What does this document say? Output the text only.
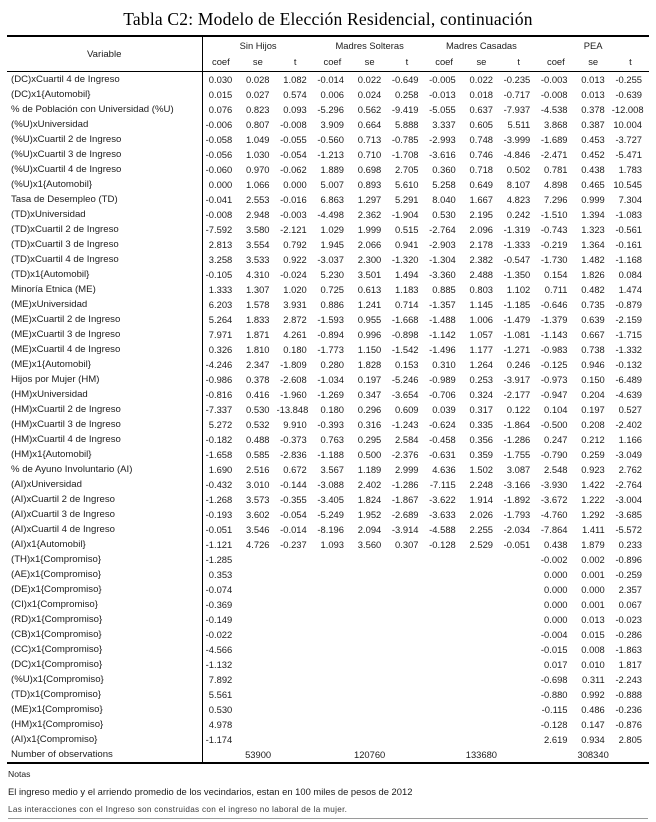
Tabla C2: Modelo de Elección Residencial, continuación
Variable	Sin Hijos			Madres Solteras			Madres Casadas			PEA		
	coef	se	t	coef	se	t	coef	se	t	coef	se	t
(DC)xCuartil 4 de Ingreso	0.030	0.028	1.082	-0.014	0.022	-0.649	-0.005	0.022	-0.235	-0.003	0.013	-0.255
(DC)x1{Automobil}	0.015	0.027	0.574	0.006	0.024	0.258	-0.013	0.018	-0.717	-0.008	0.013	-0.639
% de Población con Universidad (%U)	0.076	0.823	0.093	-5.296	0.562	-9.419	-5.055	0.637	-7.937	-4.538	0.378	-12.008
(%U)xUniversidad	-0.006	0.807	-0.008	3.909	0.664	5.888	3.337	0.605	5.511	3.868	0.387	10.004
(%U)xCuartil 2 de Ingreso	-0.058	1.049	-0.055	-0.560	0.713	-0.785	-2.993	0.748	-3.999	-1.689	0.453	-3.727
(%U)xCuartil 3 de Ingreso	-0.056	1.030	-0.054	-1.213	0.710	-1.708	-3.616	0.746	-4.846	-2.471	0.452	-5.471
(%U)xCuartil 4 de Ingreso	-0.060	0.970	-0.062	1.889	0.698	2.705	0.360	0.718	0.502	0.781	0.438	1.783
(%U)x1{Automobil}	0.000	1.066	0.000	5.007	0.893	5.610	5.258	0.649	8.107	4.898	0.465	10.545
Tasa de Desempleo (TD)	-0.041	2.553	-0.016	6.863	1.297	5.291	8.040	1.667	4.823	7.296	0.999	7.304
(TD)xUniversidad	-0.008	2.948	-0.003	-4.498	2.362	-1.904	0.530	2.195	0.242	-1.510	1.394	-1.083
(TD)xCuartil 2 de Ingreso	-7.592	3.580	-2.121	1.029	1.999	0.515	-2.764	2.096	-1.319	-0.743	1.323	-0.561
(TD)xCuartil 3 de Ingreso	2.813	3.554	0.792	1.945	2.066	0.941	-2.903	2.178	-1.333	-0.219	1.364	-0.161
(TD)xCuartil 4 de Ingreso	3.258	3.533	0.922	-3.037	2.300	-1.320	-1.304	2.382	-0.547	-1.730	1.482	-1.168
(TD)x1{Automobil}	-0.105	4.310	-0.024	5.230	3.501	1.494	-3.360	2.488	-1.350	0.154	1.826	0.084
Minoría Etnica (ME)	1.333	1.307	1.020	0.725	0.613	1.183	0.885	0.803	1.102	0.711	0.482	1.474
(ME)xUniversidad	6.203	1.578	3.931	0.886	1.241	0.714	-1.357	1.145	-1.185	-0.646	0.735	-0.879
(ME)xCuartil 2 de Ingreso	5.264	1.833	2.872	-1.593	0.955	-1.668	-1.488	1.006	-1.479	-1.379	0.639	-2.159
(ME)xCuartil 3 de Ingreso	7.971	1.871	4.261	-0.894	0.996	-0.898	-1.142	1.057	-1.081	-1.143	0.667	-1.715
(ME)xCuartil 4 de Ingreso	0.326	1.810	0.180	-1.773	1.150	-1.542	-1.496	1.177	-1.271	-0.983	0.738	-1.332
(ME)x1{Automobil}	-4.246	2.347	-1.809	0.280	1.828	0.153	0.310	1.264	0.246	-0.125	0.946	-0.132
Hijos por Mujer (HM)	-0.986	0.378	-2.608	-1.034	0.197	-5.246	-0.989	0.253	-3.917	-0.973	0.150	-6.489
(HM)xUniversidad	-0.816	0.416	-1.960	-1.269	0.347	-3.654	-0.706	0.324	-2.177	-0.947	0.204	-4.639
(HM)xCuartil 2 de Ingreso	-7.337	0.530	-13.848	0.180	0.296	0.609	0.039	0.317	0.122	0.104	0.197	0.527
(HM)xCuartil 3 de Ingreso	5.272	0.532	9.910	-0.393	0.316	-1.243	-0.624	0.335	-1.864	-0.500	0.208	-2.402
(HM)xCuartil 4 de Ingreso	-0.182	0.488	-0.373	0.763	0.295	2.584	-0.458	0.356	-1.286	0.247	0.212	1.166
(HM)x1{Automobil}	-1.658	0.585	-2.836	-1.188	0.500	-2.376	-0.631	0.359	-1.755	-0.790	0.259	-3.049
% de Ayuno Involuntario (AI)	1.690	2.516	0.672	3.567	1.189	2.999	4.636	1.502	3.087	2.548	0.923	2.762
(AI)xUniversidad	-0.432	3.010	-0.144	-3.088	2.402	-1.286	-7.115	2.248	-3.166	-3.930	1.422	-2.764
(AI)xCuartil 2 de Ingreso	-1.268	3.573	-0.355	-3.405	1.824	-1.867	-3.622	1.914	-1.892	-3.672	1.222	-3.004
(AI)xCuartil 3 de Ingreso	-0.193	3.602	-0.054	-5.249	1.952	-2.689	-3.633	2.026	-1.793	-4.760	1.292	-3.685
(AI)xCuartil 4 de Ingreso	-0.051	3.546	-0.014	-8.196	2.094	-3.914	-4.588	2.255	-2.034	-7.864	1.411	-5.572
(AI)x1{Automobil}	-1.121	4.726	-0.237	1.093	3.560	0.307	-0.128	2.529	-0.051	0.438	1.879	0.233
(TH)x1{Compromiso}	-1.285									-0.002	0.002	-0.896
(AE)x1{Compromiso}	0.353									0.000	0.001	-0.259
(DE)x1{Compromiso}	-0.074									0.000	0.000	2.357
(CI)x1{Compromiso}	-0.369									0.000	0.001	0.067
(RD)x1{Compromiso}	-0.149									0.000	0.013	-0.023
(CB)x1{Compromiso}	-0.022									-0.004	0.015	-0.286
(CC)x1{Compromiso}	-4.566									-0.015	0.008	-1.863
(DC)x1{Compromiso}	-1.132									0.017	0.010	1.817
(%U)x1{Compromiso}	7.892									-0.698	0.311	-2.243
(TD)x1{Compromiso}	5.561									-0.880	0.992	-0.888
(ME)x1{Compromiso}	0.530									-0.115	0.486	-0.236
(HM)x1{Compromiso}	4.978									-0.128	0.147	-0.876
(AI)x1{Compromiso}	-1.174									2.619	0.934	2.805
Number of observations	53900			120760			133680			308340		
Notas
El ingreso medio y el arriendo promedio de los vecindarios, estan en 100 miles de pesos de 2012
Las interacciones con el Ingreso son construidas con el ingreso no laboral de la mujer.
